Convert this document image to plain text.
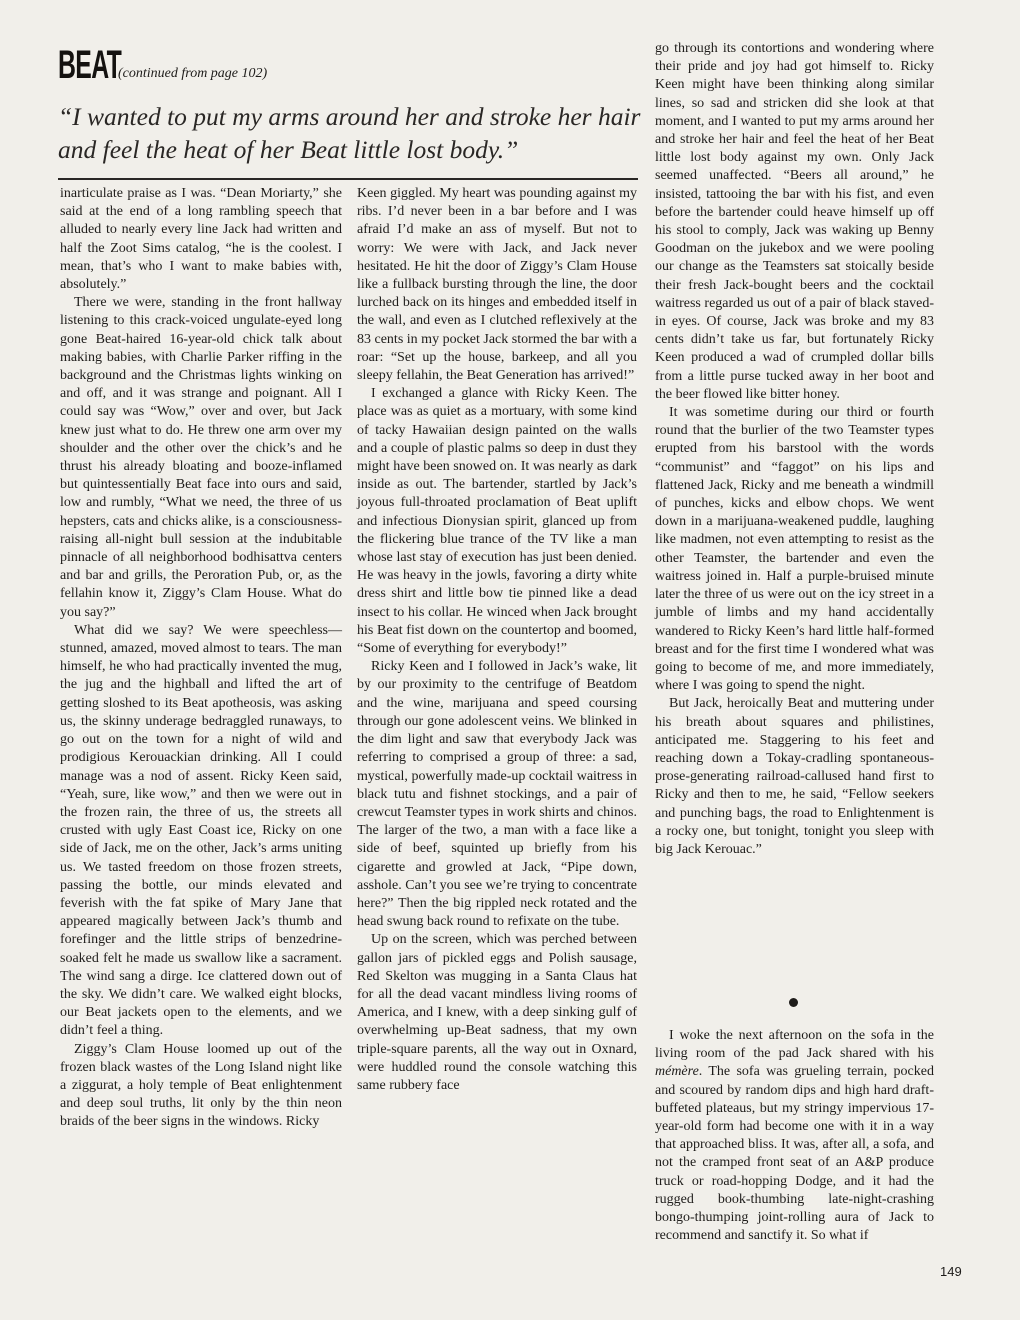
BEAT
(continued from page 102)

“I wanted to put my arms around her and stroke her hair and feel the heat of her Beat little lost body.”

inarticulate praise as I was. “Dean Moriarty,” she said at the end of a long rambling speech that alluded to nearly every line Jack had written and half the Zoot Sims catalog, “he is the coolest. I mean, that’s who I want to make babies with, absolutely.”

There we were, standing in the front hallway listening to this crack-voiced ungulate-eyed long gone Beat-haired 16-year-old chick talk about making babies, with Charlie Parker riffing in the background and the Christmas lights winking on and off, and it was strange and poignant. All I could say was “Wow,” over and over, but Jack knew just what to do. He threw one arm over my shoulder and the other over the chick’s and he thrust his already bloating and booze-inflamed but quintessentially Beat face into ours and said, low and rumbly, “What we need, the three of us hepsters, cats and chicks alike, is a consciousness-raising all-night bull session at the indubitable pinnacle of all neighborhood bodhisattva centers and bar and grills, the Peroration Pub, or, as the fellahin know it, Ziggy’s Clam House. What do you say?”

What did we say? We were speechless—stunned, amazed, moved almost to tears. The man himself, he who had practically invented the mug, the jug and the highball and lifted the art of getting sloshed to its Beat apotheosis, was asking us, the skinny underage bedraggled runaways, to go out on the town for a night of wild and prodigious Kerouackian drinking. All I could manage was a nod of assent. Ricky Keen said, “Yeah, sure, like wow,” and then we were out in the frozen rain, the three of us, the streets all crusted with ugly East Coast ice, Ricky on one side of Jack, me on the other, Jack’s arms uniting us. We tasted freedom on those frozen streets, passing the bottle, our minds elevated and feverish with the fat spike of Mary Jane that appeared magically between Jack’s thumb and forefinger and the little strips of benzedrine-soaked felt he made us swallow like a sacrament. The wind sang a dirge. Ice clattered down out of the sky. We didn’t care. We walked eight blocks, our Beat jackets open to the elements, and we didn’t feel a thing.

Ziggy’s Clam House loomed up out of the frozen black wastes of the Long Island night like a ziggurat, a holy temple of Beat enlightenment and deep soul truths, lit only by the thin neon braids of the beer signs in the windows. Ricky

Keen giggled. My heart was pounding against my ribs. I’d never been in a bar before and I was afraid I’d make an ass of myself. But not to worry: We were with Jack, and Jack never hesitated. He hit the door of Ziggy’s Clam House like a fullback bursting through the line, the door lurched back on its hinges and embedded itself in the wall, and even as I clutched reflexively at the 83 cents in my pocket Jack stormed the bar with a roar: “Set up the house, barkeep, and all you sleepy fellahin, the Beat Generation has arrived!”

I exchanged a glance with Ricky Keen. The place was as quiet as a mortuary, with some kind of tacky Hawaiian design painted on the walls and a couple of plastic palms so deep in dust they might have been snowed on. It was nearly as dark inside as out. The bartender, startled by Jack’s joyous full-throated proclamation of Beat uplift and infectious Dionysian spirit, glanced up from the flickering blue trance of the TV like a man whose last stay of execution has just been denied. He was heavy in the jowls, favoring a dirty white dress shirt and little bow tie pinned like a dead insect to his collar. He winced when Jack brought his Beat fist down on the countertop and boomed, “Some of everything for everybody!”

Ricky Keen and I followed in Jack’s wake, lit by our proximity to the centrifuge of Beatdom and the wine, marijuana and speed coursing through our gone adolescent veins. We blinked in the dim light and saw that everybody Jack was referring to comprised a group of three: a sad, mystical, powerfully made-up cocktail waitress in black tutu and fishnet stockings, and a pair of crewcut Teamster types in work shirts and chinos. The larger of the two, a man with a face like a side of beef, squinted up briefly from his cigarette and growled at Jack, “Pipe down, asshole. Can’t you see we’re trying to concentrate here?” Then the big rippled neck rotated and the head swung back round to refixate on the tube.

Up on the screen, which was perched between gallon jars of pickled eggs and Polish sausage, Red Skelton was mugging in a Santa Claus hat for all the dead vacant mindless living rooms of America, and I knew, with a deep sinking gulf of overwhelming up-Beat sadness, that my own triple-square parents, all the way out in Oxnard, were huddled round the console watching this same rubbery face

go through its contortions and wondering where their pride and joy had got himself to. Ricky Keen might have been thinking along similar lines, so sad and stricken did she look at that moment, and I wanted to put my arms around her and stroke her hair and feel the heat of her Beat little lost body against my own. Only Jack seemed unaffected. “Beers all around,” he insisted, tattooing the bar with his fist, and even before the bartender could heave himself up off his stool to comply, Jack was waking up Benny Goodman on the jukebox and we were pooling our change as the Teamsters sat stoically beside their fresh Jack-bought beers and the cocktail waitress regarded us out of a pair of black staved-in eyes. Of course, Jack was broke and my 83 cents didn’t take us far, but fortunately Ricky Keen produced a wad of crumpled dollar bills from a little purse tucked away in her boot and the beer flowed like bitter honey.

It was sometime during our third or fourth round that the burlier of the two Teamster types erupted from his barstool with the words “communist” and “faggot” on his lips and flattened Jack, Ricky and me beneath a windmill of punches, kicks and elbow chops. We went down in a marijuana-weakened puddle, laughing like madmen, not even attempting to resist as the other Teamster, the bartender and even the waitress joined in. Half a purple-bruised minute later the three of us were out on the icy street in a jumble of limbs and my hand accidentally wandered to Ricky Keen’s hard little half-formed breast and for the first time I wondered what was going to become of me, and more immediately, where I was going to spend the night.

But Jack, heroically Beat and muttering under his breath about squares and philistines, anticipated me. Staggering to his feet and reaching down a Tokay-cradling spontaneous-prose-generating railroad-callused hand first to Ricky and then to me, he said, “Fellow seekers and punching bags, the road to Enlightenment is a rocky one, but tonight, tonight you sleep with big Jack Kerouac.”

I woke the next afternoon on the sofa in the living room of the pad Jack shared with his mémère. The sofa was grueling terrain, pocked and scoured by random dips and high hard draft-buffeted plateaus, but my stringy impervious 17-year-old form had become one with it in a way that approached bliss. It was, after all, a sofa, and not the cramped front seat of an A&P produce truck or road-hopping Dodge, and it had the rugged book-thumbing late-night-crashing bongo-thumping joint-rolling aura of Jack to recommend and sanctify it. So what if

149
